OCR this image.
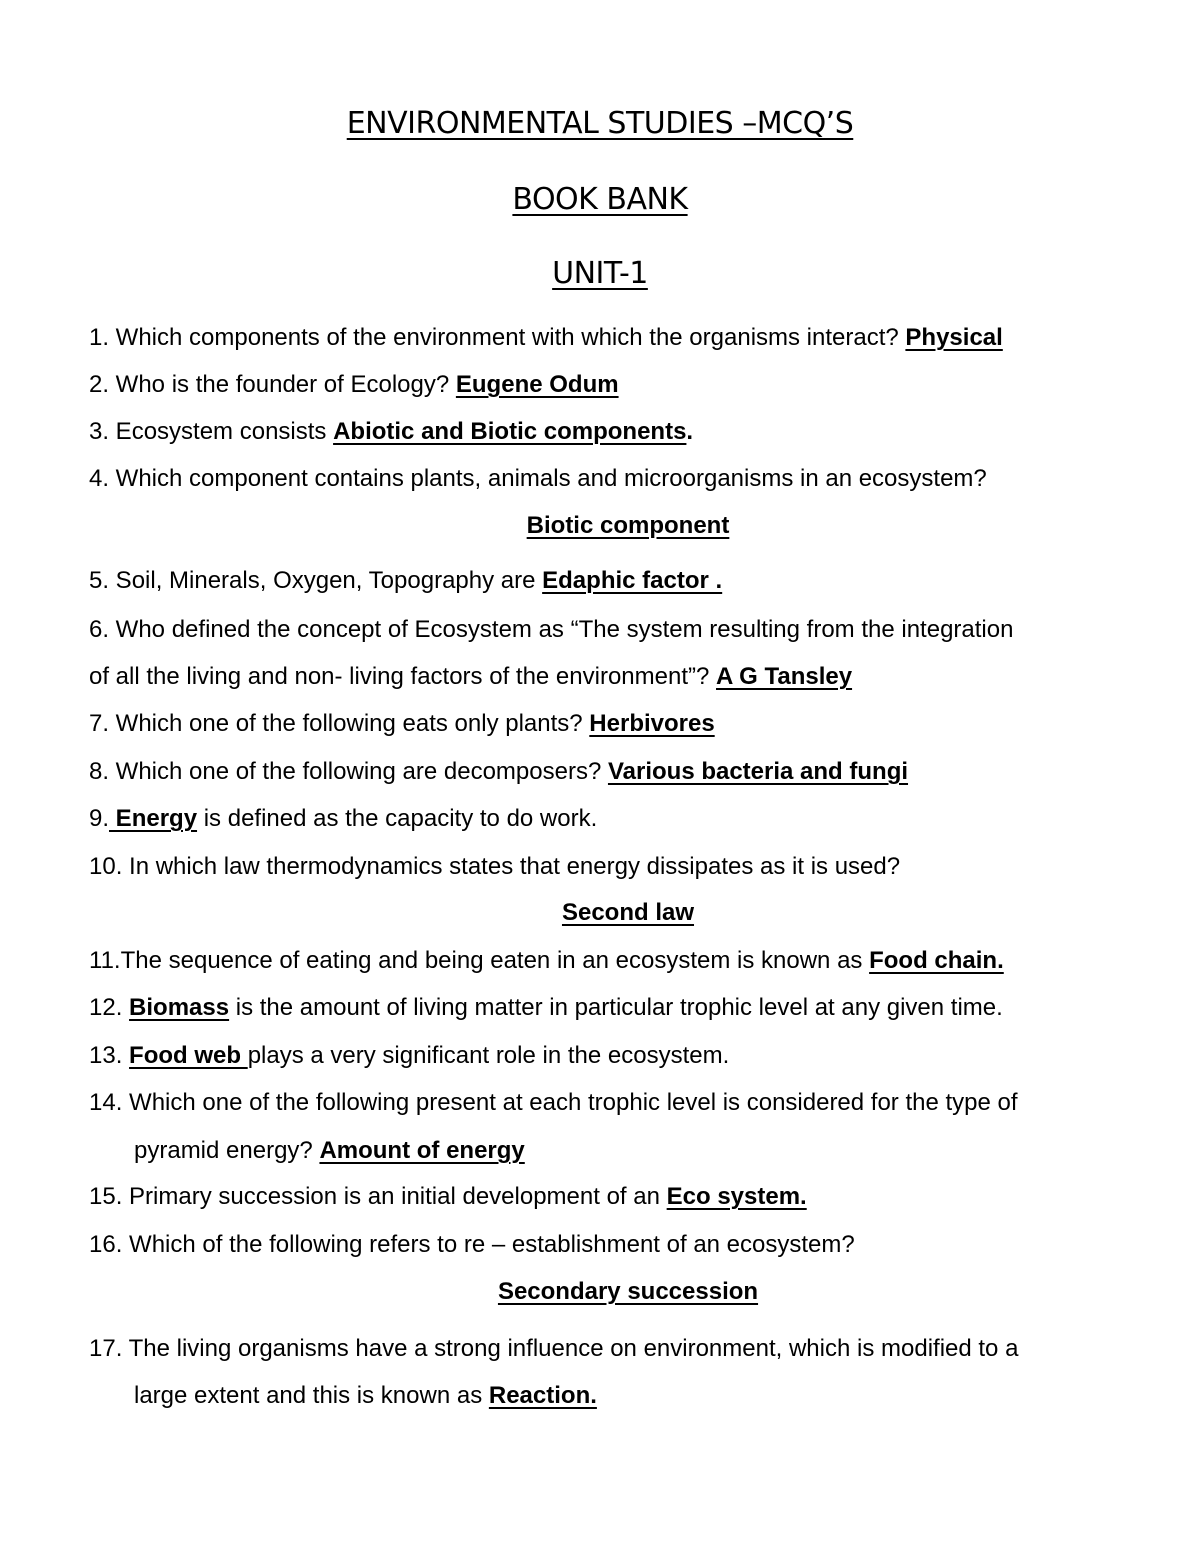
ENVIRONMENTAL STUDIES –MCQ’S
BOOK BANK
UNIT-1
1. Which components of the environment with which the organisms interact? Physical
2. Who is the founder of Ecology? Eugene Odum
3. Ecosystem consists Abiotic and Biotic components.
4. Which component contains plants, animals and microorganisms in an ecosystem?
Biotic component
5. Soil, Minerals, Oxygen, Topography are Edaphic factor .
6. Who defined the concept of Ecosystem as “The system resulting from the integration
of all the living and non- living factors of the environment”? A G Tansley
7. Which one of the following eats only plants? Herbivores
8. Which one of the following are decomposers? Various bacteria and fungi
9. Energy is defined as the capacity to do work.
10. In which law thermodynamics states that energy dissipates as it is used?
Second law
11.The sequence of eating and being eaten in an ecosystem is known as Food chain.
12. Biomass is the amount of living matter in particular trophic level at any given time.
13. Food web plays a very significant role in the ecosystem.
14. Which one of the following present at each trophic level is considered for the type of
pyramid energy? Amount of energy
15. Primary succession is an initial development of an Eco system.
16. Which of the following refers to re – establishment of an ecosystem?
Secondary succession
17. The living organisms have a strong influence on environment, which is modified to a
large extent and this is known as Reaction.
